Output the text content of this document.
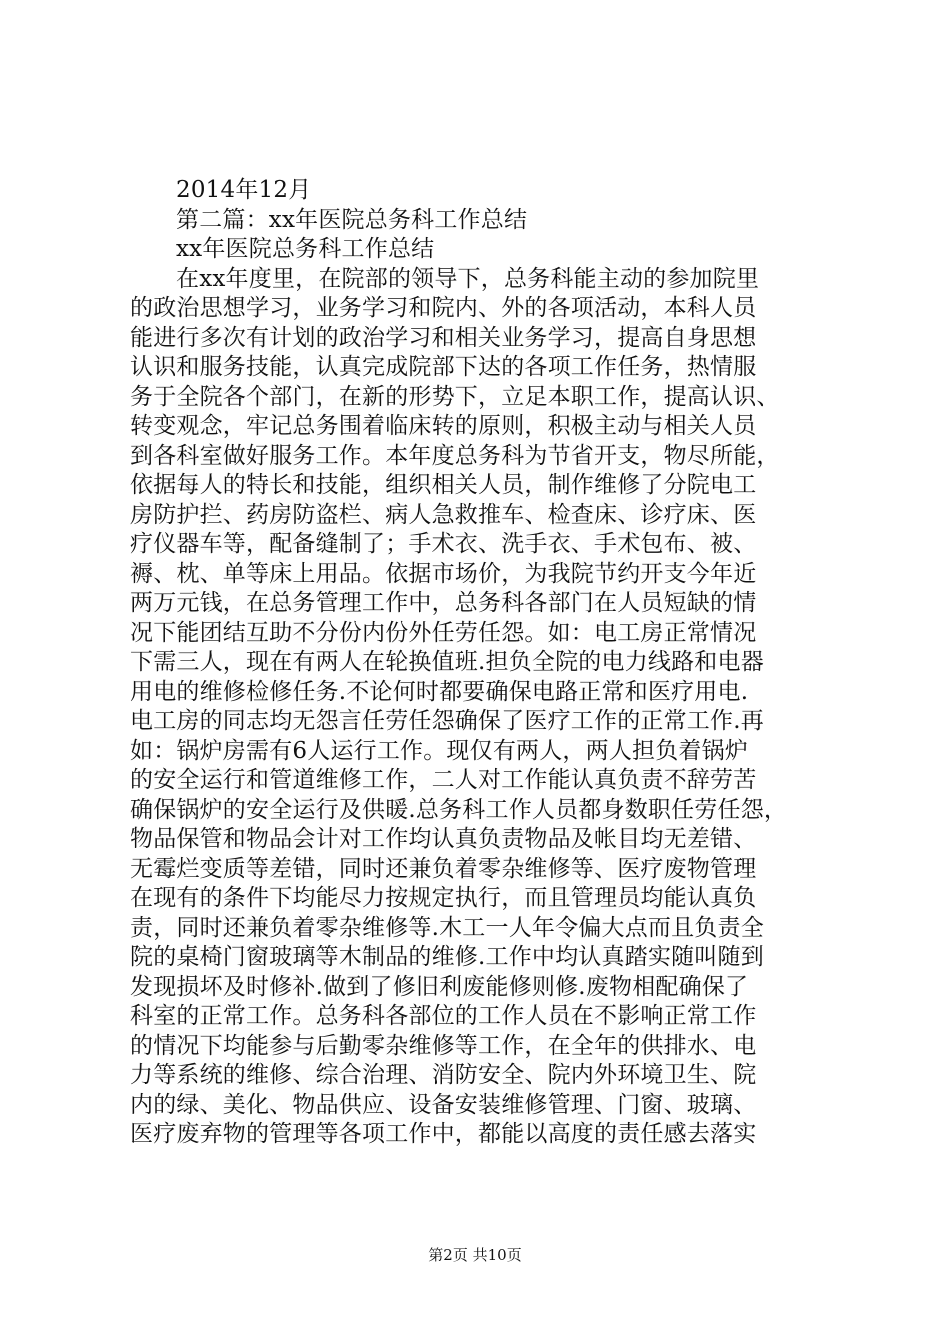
2014年12月
第二篇：xx年医院总务科工作总结
xx年医院总务科工作总结
在xx年度里，在院部的领导下，总务科能主动的参加院里
的政治思想学习，业务学习和院内、外的各项活动，本科人员
能进行多次有计划的政治学习和相关业务学习，提高自身思想
认识和服务技能，认真完成院部下达的各项工作任务，热情服
务于全院各个部门，在新的形势下，立足本职工作，提高认识、
转变观念，牢记总务围着临床转的原则，积极主动与相关人员
到各科室做好服务工作。本年度总务科为节省开支，物尽所能，
依据每人的特长和技能，组织相关人员，制作维修了分院电工
房防护拦、药房防盗栏、病人急救推车、检查床、诊疗床、医
疗仪器车等，配备缝制了；手术衣、洗手衣、手术包布、被、
褥、枕、单等床上用品。依据市场价，为我院节约开支今年近
两万元钱，在总务管理工作中，总务科各部门在人员短缺的情
况下能团结互助不分份内份外任劳任怨。如：电工房正常情况
下需三人，现在有两人在轮换值班.担负全院的电力线路和电器
用电的维修检修任务.不论何时都要确保电路正常和医疗用电.
电工房的同志均无怨言任劳任怨确保了医疗工作的正常工作.再
如：锅炉房需有6人运行工作。现仅有两人，两人担负着锅炉
的安全运行和管道维修工作，二人对工作能认真负责不辞劳苦
确保锅炉的安全运行及供暖.总务科工作人员都身数职任劳任怨，
物品保管和物品会计对工作均认真负责物品及帐目均无差错、
无霉烂变质等差错，同时还兼负着零杂维修等、医疗废物管理
在现有的条件下均能尽力按规定执行，而且管理员均能认真负
责，同时还兼负着零杂维修等.木工一人年令偏大点而且负责全
院的桌椅门窗玻璃等木制品的维修.工作中均认真踏实随叫随到
发现损坏及时修补.做到了修旧利废能修则修.废物相配确保了
科室的正常工作。总务科各部位的工作人员在不影响正常工作
的情况下均能参与后勤零杂维修等工作，在全年的供排水、电
力等系统的维修、综合治理、消防安全、院内外环境卫生、院
内的绿、美化、物品供应、设备安装维修管理、门窗、玻璃、
医疗废弃物的管理等各项工作中，都能以高度的责任感去落实
第2页 共10页
